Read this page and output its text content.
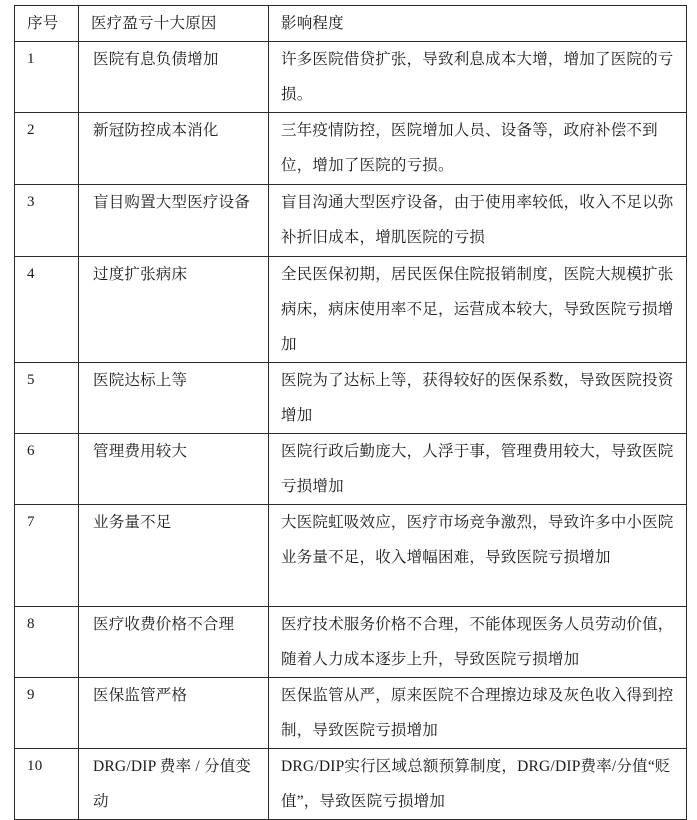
序号	医疗盈亏十大原因	影响程度

1	医院有息负债增加	许多医院借贷扩张，导致利息成本大增，增加了医院的亏损。

2	新冠防控成本消化	三年疫情防控，医院增加人员、设备等，政府补偿不到位，增加了医院的亏损。

3	盲目购置大型医疗设备	盲目沟通大型医疗设备，由于使用率较低，收入不足以弥补折旧成本，增肌医院的亏损

4	过度扩张病床	全民医保初期，居民医保住院报销制度，医院大规模扩张病床，病床使用率不足，运营成本较大，导致医院亏损增加

5	医院达标上等	医院为了达标上等，获得较好的医保系数，导致医院投资增加

6	管理费用较大	医院行政后勤庞大，人浮于事，管理费用较大，导致医院亏损增加

7	业务量不足	大医院虹吸效应，医疗市场竞争激烈，导致许多中小医院业务量不足，收入增幅困难，导致医院亏损增加

8	医疗收费价格不合理	医疗技术服务价格不合理，不能体现医务人员劳动价值，随着人力成本逐步上升，导致医院亏损增加

9	医保监管严格	医保监管从严，原来医院不合理擦边球及灰色收入得到控制，导致医院亏损增加

10	DRG/DIP 费率 / 分值变动	DRG/DIP实行区域总额预算制度，DRG/DIP费率/分值“贬值”，导致医院亏损增加
